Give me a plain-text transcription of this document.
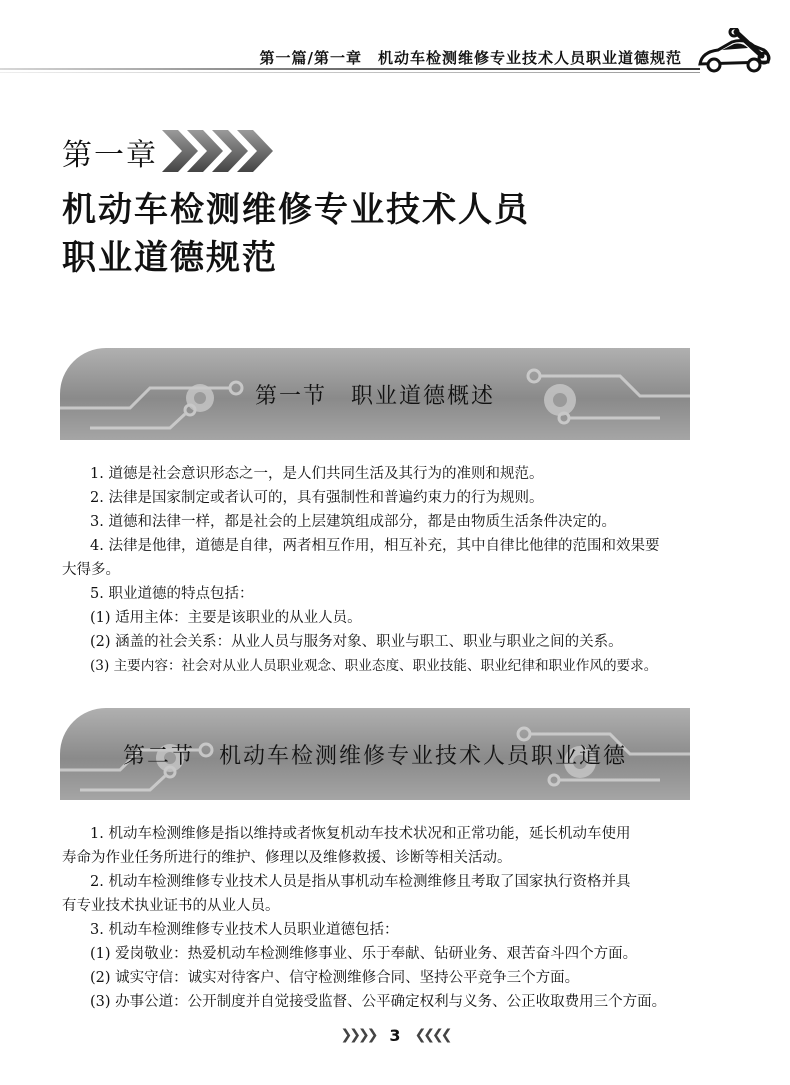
第一篇/第一章　机动车检测维修专业技术人员职业道德规范
第一章
机动车检测维修专业技术人员
职业道德规范
第一节　职业道德概述

1. 道德是社会意识形态之一，是人们共同生活及其行为的准则和规范。

2. 法律是国家制定或者认可的，具有强制性和普遍约束力的行为规则。

3. 道德和法律一样，都是社会的上层建筑组成部分，都是由物质生活条件决定的。

4. 法律是他律，道德是自律，两者相互作用，相互补充，其中自律比他律的范围和效果要

大得多。

5. 职业道德的特点包括：

(1) 适用主体：主要是该职业的从业人员。

(2) 涵盖的社会关系：从业人员与服务对象、职业与职工、职业与职业之间的关系。

(3) 主要内容：社会对从业人员职业观念、职业态度、职业技能、职业纪律和职业作风的要求。

第二节　机动车检测维修专业技术人员职业道德

1. 机动车检测维修是指以维持或者恢复机动车技术状况和正常功能，延长机动车使用

寿命为作业任务所进行的维护、修理以及维修救援、诊断等相关活动。

2. 机动车检测维修专业技术人员是指从事机动车检测维修且考取了国家执行资格并具

有专业技术执业证书的从业人员。

3. 机动车检测维修专业技术人员职业道德包括：

(1) 爱岗敬业：热爱机动车检测维修事业、乐于奉献、钻研业务、艰苦奋斗四个方面。

(2) 诚实守信：诚实对待客户、信守检测维修合同、坚持公平竞争三个方面。

(3) 办事公道：公开制度并自觉接受监督、公平确定权利与义务、公正收取费用三个方面。

❯❯❯❯ 3 ❮❮❮❮
